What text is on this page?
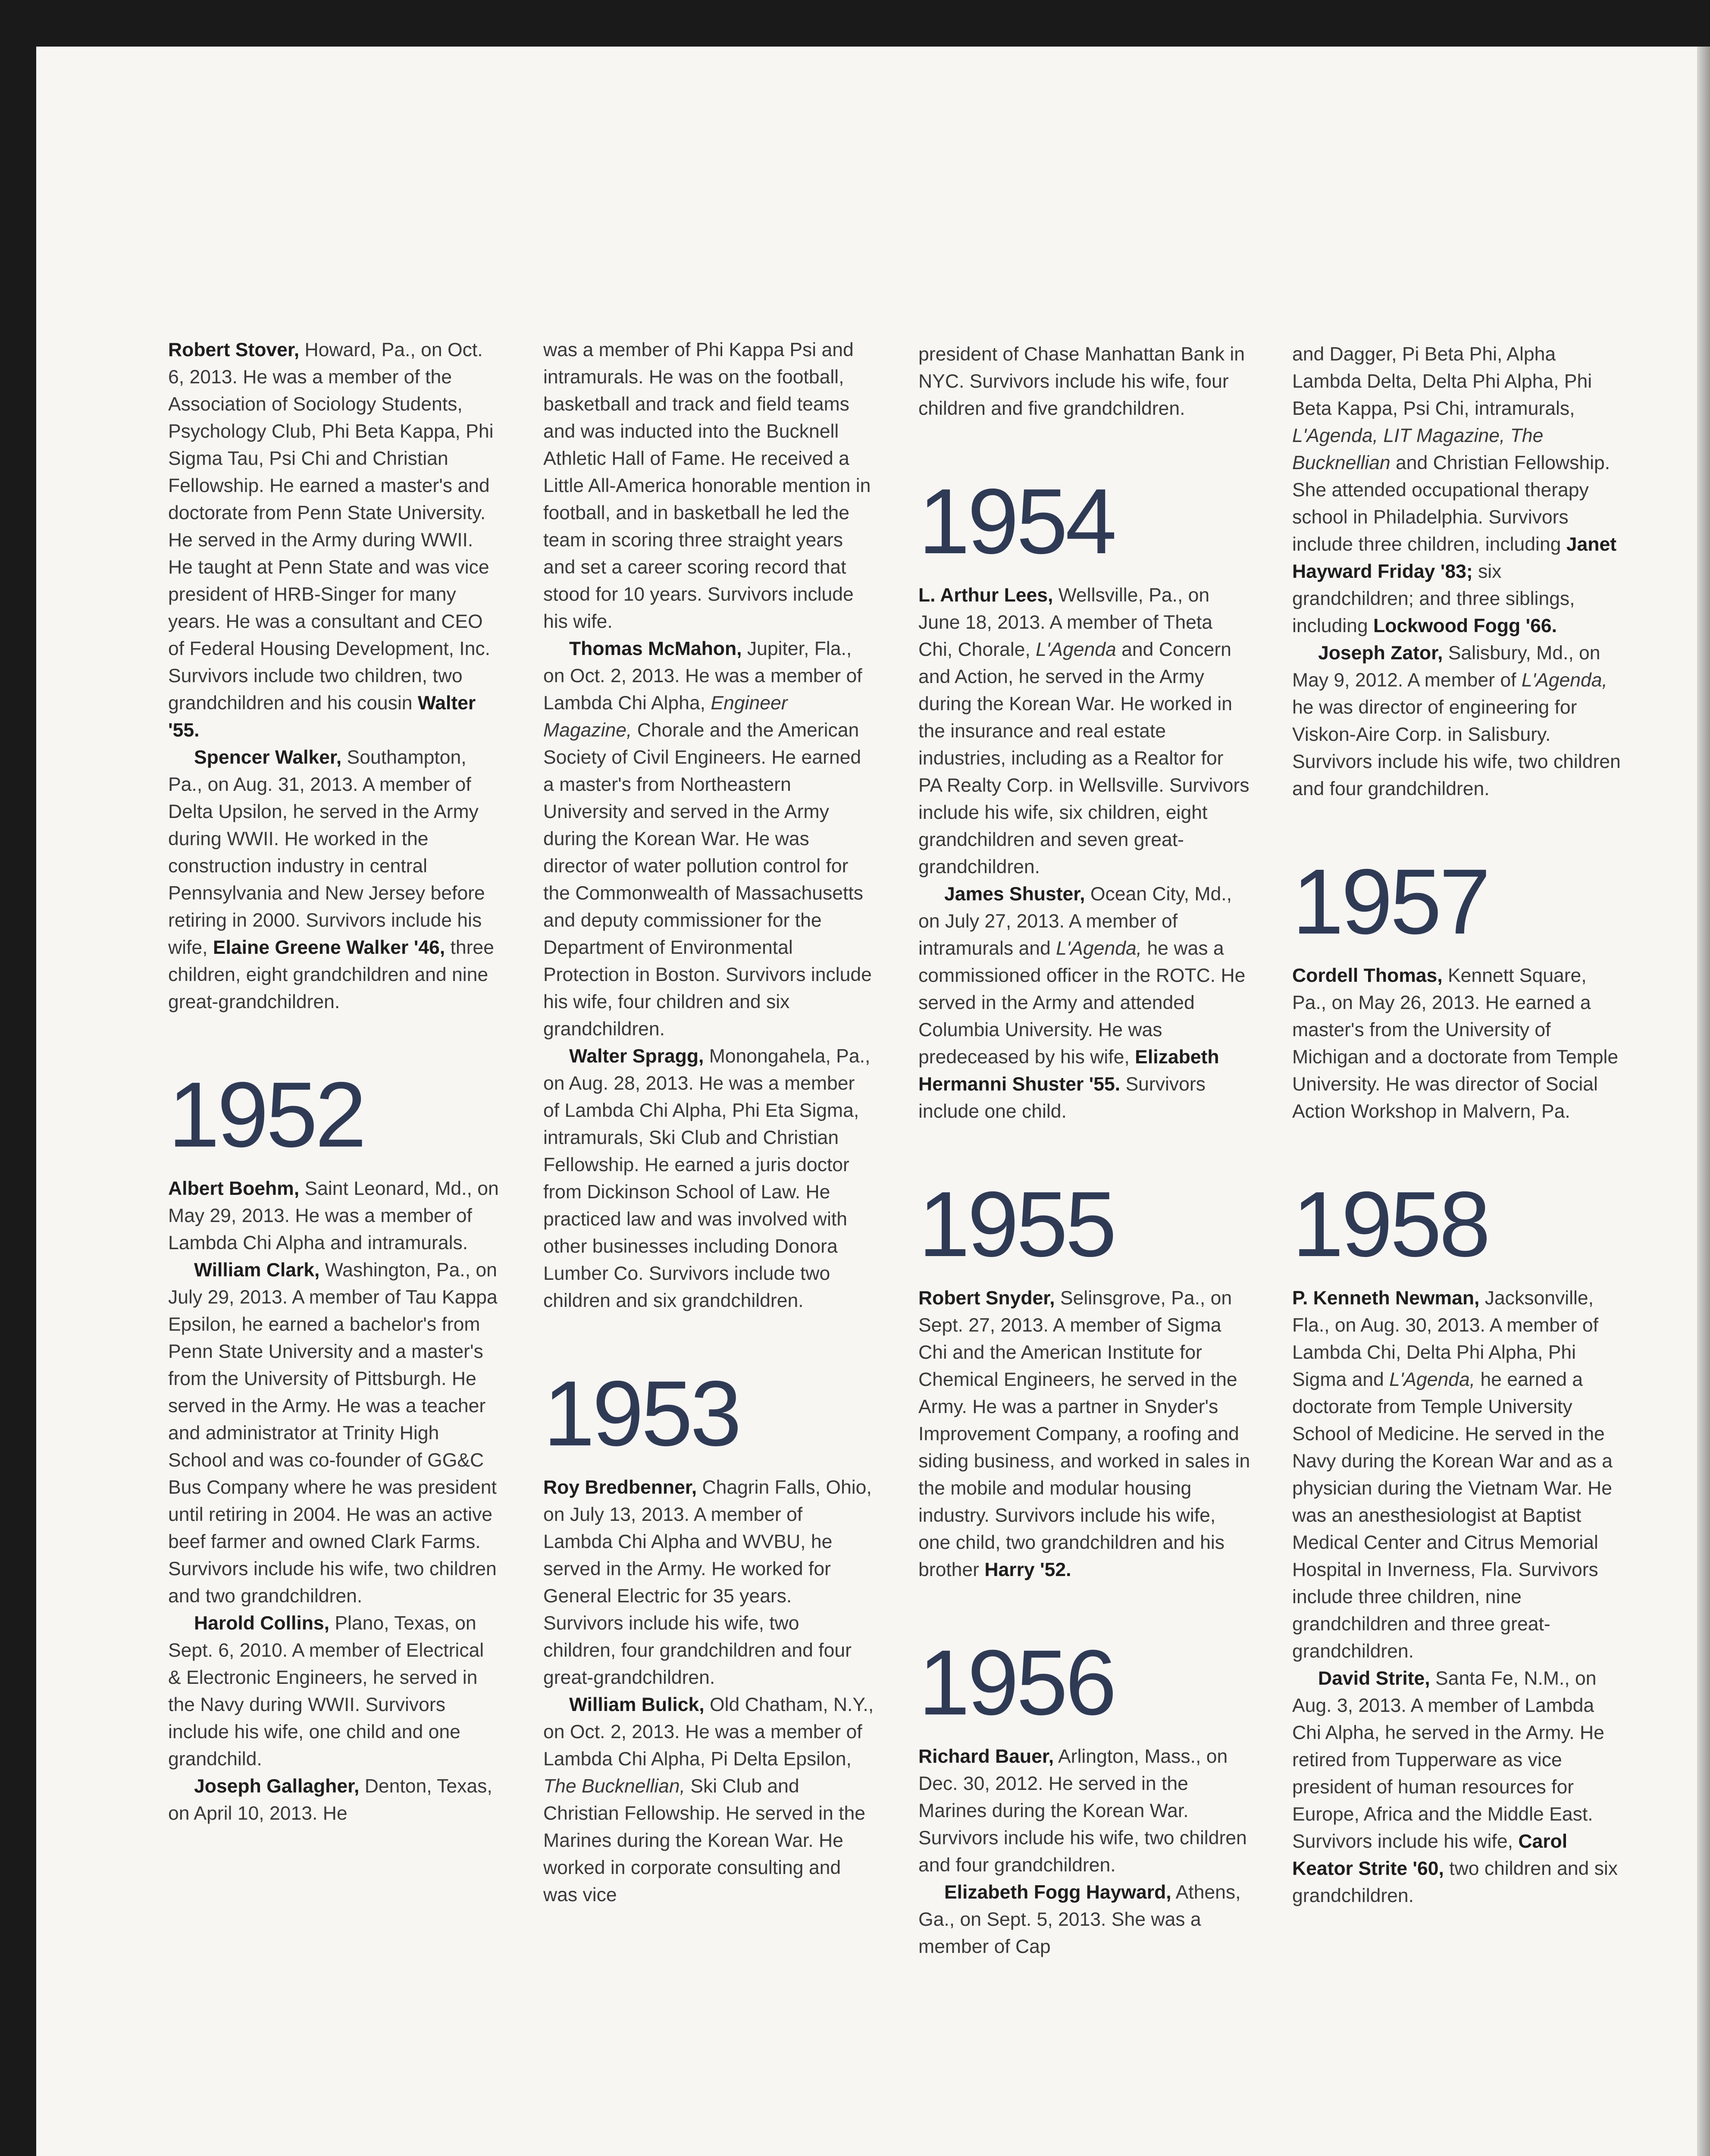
Robert Stover, Howard, Pa., on Oct. 6, 2013. He was a member of the Association of Sociology Students, Psychology Club, Phi Beta Kappa, Phi Sigma Tau, Psi Chi and Christian Fellowship. He earned a master's and doctorate from Penn State University. He served in the Army during WWII. He taught at Penn State and was vice president of HRB-Singer for many years. He was a consultant and CEO of Federal Housing Development, Inc. Survivors include two children, two grandchildren and his cousin Walter '55.

Spencer Walker, Southampton, Pa., on Aug. 31, 2013. A member of Delta Upsilon, he served in the Army during WWII. He worked in the construction industry in central Pennsylvania and New Jersey before retiring in 2000. Survivors include his wife, Elaine Greene Walker '46, three children, eight grandchildren and nine great-grandchildren.

1952

Albert Boehm, Saint Leonard, Md., on May 29, 2013. He was a member of Lambda Chi Alpha and intramurals.

William Clark, Washington, Pa., on July 29, 2013. A member of Tau Kappa Epsilon, he earned a bachelor's from Penn State University and a master's from the University of Pittsburgh. He served in the Army. He was a teacher and administrator at Trinity High School and was co-founder of GG&C Bus Company where he was president until retiring in 2004. He was an active beef farmer and owned Clark Farms. Survivors include his wife, two children and two grandchildren.

Harold Collins, Plano, Texas, on Sept. 6, 2010. A member of Electrical & Electronic Engineers, he served in the Navy during WWII. Survivors include his wife, one child and one grandchild.

Joseph Gallagher, Denton, Texas, on April 10, 2013. He

was a member of Phi Kappa Psi and intramurals. He was on the football, basketball and track and field teams and was inducted into the Bucknell Athletic Hall of Fame. He received a Little All-America honorable mention in football, and in basketball he led the team in scoring three straight years and set a career scoring record that stood for 10 years. Survivors include his wife.

Thomas McMahon, Jupiter, Fla., on Oct. 2, 2013. He was a member of Lambda Chi Alpha, Engineer Magazine, Chorale and the American Society of Civil Engineers. He earned a master's from Northeastern University and served in the Army during the Korean War. He was director of water pollution control for the Commonwealth of Massachusetts and deputy commissioner for the Department of Environmental Protection in Boston. Survivors include his wife, four children and six grandchildren.

Walter Spragg, Monongahela, Pa., on Aug. 28, 2013. He was a member of Lambda Chi Alpha, Phi Eta Sigma, intramurals, Ski Club and Christian Fellowship. He earned a juris doctor from Dickinson School of Law. He practiced law and was involved with other businesses including Donora Lumber Co. Survivors include two children and six grandchildren.

1953

Roy Bredbenner, Chagrin Falls, Ohio, on July 13, 2013. A member of Lambda Chi Alpha and WVBU, he served in the Army. He worked for General Electric for 35 years. Survivors include his wife, two children, four grandchildren and four great-grandchildren.

William Bulick, Old Chatham, N.Y., on Oct. 2, 2013. He was a member of Lambda Chi Alpha, Pi Delta Epsilon, The Bucknellian, Ski Club and Christian Fellowship. He served in the Marines during the Korean War. He worked in corporate consulting and was vice

president of Chase Manhattan Bank in NYC. Survivors include his wife, four children and five grandchildren.

1954

L. Arthur Lees, Wellsville, Pa., on June 18, 2013. A member of Theta Chi, Chorale, L'Agenda and Concern and Action, he served in the Army during the Korean War. He worked in the insurance and real estate industries, including as a Realtor for PA Realty Corp. in Wellsville. Survivors include his wife, six children, eight grandchildren and seven great-grandchildren.

James Shuster, Ocean City, Md., on July 27, 2013. A member of intramurals and L'Agenda, he was a commissioned officer in the ROTC. He served in the Army and attended Columbia University. He was predeceased by his wife, Elizabeth Hermanni Shuster '55. Survivors include one child.

1955

Robert Snyder, Selinsgrove, Pa., on Sept. 27, 2013. A member of Sigma Chi and the American Institute for Chemical Engineers, he served in the Army. He was a partner in Snyder's Improvement Company, a roofing and siding business, and worked in sales in the mobile and modular housing industry. Survivors include his wife, one child, two grandchildren and his brother Harry '52.

1956

Richard Bauer, Arlington, Mass., on Dec. 30, 2012. He served in the Marines during the Korean War. Survivors include his wife, two children and four grandchildren.

Elizabeth Fogg Hayward, Athens, Ga., on Sept. 5, 2013. She was a member of Cap

and Dagger, Pi Beta Phi, Alpha Lambda Delta, Delta Phi Alpha, Phi Beta Kappa, Psi Chi, intramurals, L'Agenda, LIT Magazine, The Bucknellian and Christian Fellowship. She attended occupational therapy school in Philadelphia. Survivors include three children, including Janet Hayward Friday '83; six grandchildren; and three siblings, including Lockwood Fogg '66.

Joseph Zator, Salisbury, Md., on May 9, 2012. A member of L'Agenda, he was director of engineering for Viskon-Aire Corp. in Salisbury. Survivors include his wife, two children and four grandchildren.

1957

Cordell Thomas, Kennett Square, Pa., on May 26, 2013. He earned a master's from the University of Michigan and a doctorate from Temple University. He was director of Social Action Workshop in Malvern, Pa.

1958

P. Kenneth Newman, Jacksonville, Fla., on Aug. 30, 2013. A member of Lambda Chi, Delta Phi Alpha, Phi Sigma and L'Agenda, he earned a doctorate from Temple University School of Medicine. He served in the Navy during the Korean War and as a physician during the Vietnam War. He was an anesthesiologist at Baptist Medical Center and Citrus Memorial Hospital in Inverness, Fla. Survivors include three children, nine grandchildren and three great-grandchildren.

David Strite, Santa Fe, N.M., on Aug. 3, 2013. A member of Lambda Chi Alpha, he served in the Army. He retired from Tupperware as vice president of human resources for Europe, Africa and the Middle East. Survivors include his wife, Carol Keator Strite '60, two children and six grandchildren.
